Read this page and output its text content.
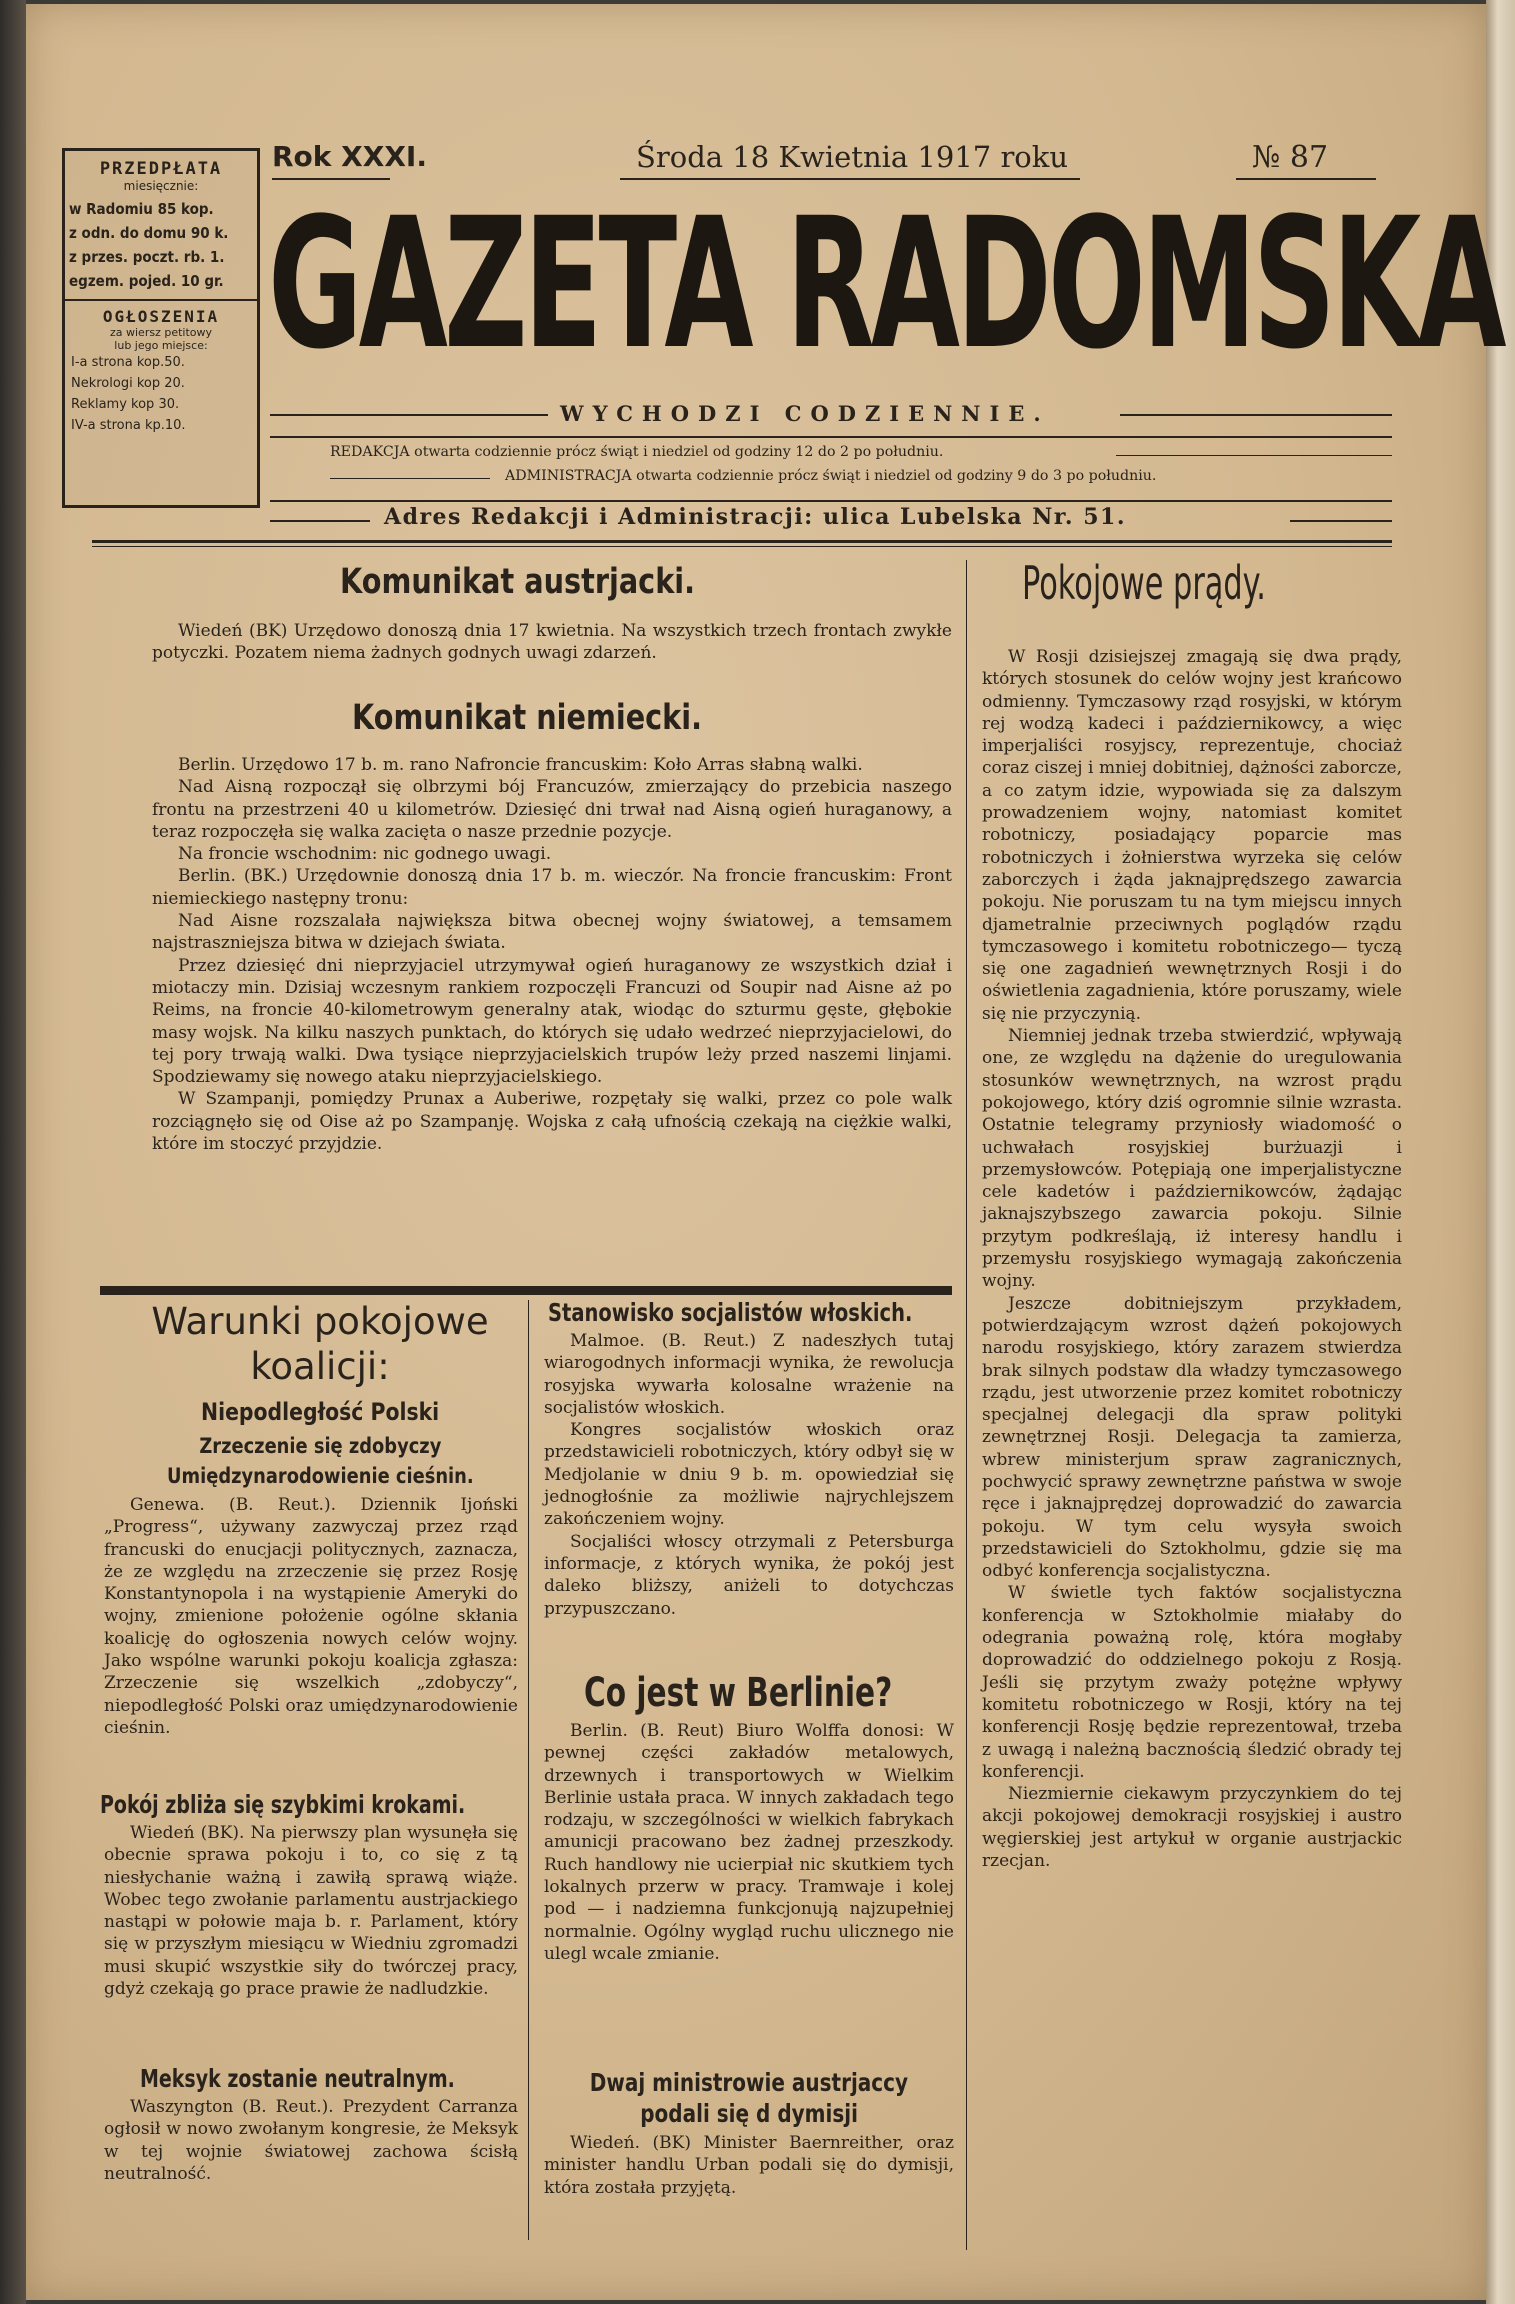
PRZEDPŁATA
miesięcznie:
w Radomiu 85 kop.
z odn. do domu 90 k.
z przes. poczt. rb. 1.
egzem. pojed. 10 gr.
OGŁOSZENIA
za wiersz petitowy
lub jego miejsce:
I-a strona kop.50.
Nekrologi kop 20.
Reklamy kop 30.
IV-a strona kp.10.
Rok XXXI.	Środa 18 Kwietnia 1917 roku	№ 87
GAZETA RADOMSKA
WYCHODZI CODZIENNIE.
REDAKCJA otwarta codziennie prócz świąt i niedziel od godziny 12 do 2 po południu.
ADMINISTRACJA otwarta codziennie prócz świąt i niedziel od godziny 9 do 3 po południu.
Adres Redakcji i Administracji: ulica Lubelska Nr. 51.
Komunikat austrjacki.

Wiedeń (BK) Urzędowo donoszą dnia 17 kwietnia. Na wszystkich trzech frontach zwykłe potyczki. Pozatem niema żadnych godnych uwagi zdarzeń.

Komunikat niemiecki.

Berlin. Urzędowo 17 b. m. rano Nafroncie francuskim: Koło Arras słabną walki.

Nad Aisną rozpoczął się olbrzymi bój Francuzów, zmierzający do przebicia naszego frontu na przestrzeni 40 u kilometrów. Dziesięć dni trwał nad Aisną ogień huraganowy, a teraz rozpoczęła się walka zacięta o nasze przednie pozycje.

Na froncie wschodnim: nic godnego uwagi.

Berlin. (BK.) Urzędownie donoszą dnia 17 b. m. wieczór. Na froncie francuskim: Front niemieckiego następny tronu:

Nad Aisne rozszalała największa bitwa obecnej wojny światowej, a temsamem najstraszniejsza bitwa w dziejach świata.

Przez dziesięć dni nieprzyjaciel utrzymywał ogień huraganowy ze wszystkich dział i miotaczy min. Dzisiaj wczesnym rankiem rozpoczęli Francuzi od Soupir nad Aisne aż po Reims, na froncie 40-kilometrowym generalny atak, wiodąc do szturmu gęste, głębokie masy wojsk. Na kilku naszych punktach, do których się udało wedrzeć nieprzyjacielowi, do tej pory trwają walki. Dwa tysiące nieprzyjacielskich trupów leży przed naszemi linjami. Spodziewamy się nowego ataku nieprzyjacielskiego.

W Szampanji, pomiędzy Prunax a Auberiwe, rozpętały się walki, przez co pole walk rozciągnęło się od Oise aż po Szampanję. Wojska z całą ufnością czekają na ciężkie walki, które im stoczyć przyjdzie.

Pokojowe prądy.

W Rosji dzisiejszej zmagają się dwa prądy, których stosunek do celów wojny jest krańcowo odmienny. Tymczasowy rząd rosyjski, w którym rej wodzą kadeci i październikowcy, a więc imperjaliści rosyjscy, reprezentuje, chociaż coraz ciszej i mniej dobitniej, dążności zaborcze, a co zatym idzie, wypowiada się za dalszym prowadzeniem wojny, natomiast komitet robotniczy, posiadający poparcie mas robotniczych i żołnierstwa wyrzeka się celów zaborczych i żąda jaknajprędszego zawarcia pokoju. Nie poruszam tu na tym miejscu innych djametralnie przeciwnych poglądów rządu tymczasowego i komitetu robotniczego— tyczą się one zagadnień wewnętrznych Rosji i do oświetlenia zagadnienia, które poruszamy, wiele się nie przyczynią.

Niemniej jednak trzeba stwierdzić, wpływają one, ze względu na dążenie do uregulowania stosunków wewnętrznych, na wzrost prądu pokojowego, który dziś ogromnie silnie wzrasta. Ostatnie telegramy przyniosły wiadomość o uchwałach rosyjskiej burżuazji i przemysłowców. Potępiają one imperjalistyczne cele kadetów i październikowców, żądając jaknajszybszego zawarcia pokoju. Silnie przytym podkreślają, iż interesy handlu i przemysłu rosyjskiego wymagają zakończenia wojny.

Jeszcze dobitniejszym przykładem, potwierdzającym wzrost dążeń pokojowych narodu rosyjskiego, który zarazem stwierdza brak silnych podstaw dla władzy tymczasowego rządu, jest utworzenie przez komitet robotniczy specjalnej delegacji dla spraw polityki zewnętrznej Rosji. Delegacja ta zamierza, wbrew ministerjum spraw zagranicznych, pochwycić sprawy zewnętrzne państwa w swoje ręce i jaknajprędzej doprowadzić do zawarcia pokoju. W tym celu wysyła swoich przedstawicieli do Sztokholmu, gdzie się ma odbyć konferencja socjalistyczna.

W świetle tych faktów socjalistyczna konferencja w Sztokholmie miałaby do odegrania poważną rolę, która mogłaby doprowadzić do oddzielnego pokoju z Rosją. Jeśli się przytym zważy potężne wpływy komitetu robotniczego w Rosji, który na tej konferencji Rosję będzie reprezentował, trzeba z uwagą i należną bacznością śledzić obrady tej konferencji.

Niezmiernie ciekawym przyczynkiem do tej akcji pokojowej demokracji rosyjskiej i austro węgierskiej jest artykuł w organie austrjackic rzecjan.

Warunki pokojowe
koalicji:
Niepodległość Polski
Zrzeczenie się zdobyczy
Umiędzynarodowienie cieśnin.

Genewa. (B. Reut.). Dziennik Ijoński „Progress“, używany zazwyczaj przez rząd francuski do enucjacji politycznych, zaznacza, że ze względu na zrzeczenie się przez Rosję Konstantynopola i na wystąpienie Ameryki do wojny, zmienione położenie ogólne skłania koalicję do ogłoszenia nowych celów wojny. Jako wspólne warunki pokoju koalicja zgłasza: Zrzeczenie się wszelkich „zdobyczy“, niepodległość Polski oraz umiędzynarodowienie cieśnin.

Pokój zbliża się szybkimi krokami.

Wiedeń (BK). Na pierwszy plan wysunęła się obecnie sprawa pokoju i to, co się z tą niesłychanie ważną i zawiłą sprawą wiąże. Wobec tego zwołanie parlamentu austrjackiego nastąpi w połowie maja b. r. Parlament, który się w przyszłym miesiącu w Wiedniu zgromadzi musi skupić wszystkie siły do twórczej pracy, gdyż czekają go prace prawie że nadludzkie.

Meksyk zostanie neutralnym.

Waszyngton (B. Reut.). Prezydent Carranza ogłosił w nowo zwołanym kongresie, że Meksyk w tej wojnie światowej zachowa ścisłą neutralność.

Stanowisko socjalistów włoskich.

Malmoe. (B. Reut.) Z nadeszłych tutaj wiarogodnych informacji wynika, że rewolucja rosyjska wywarła kolosalne wrażenie na socjalistów włoskich.

Kongres socjalistów włoskich oraz przedstawicieli robotniczych, który odbył się w Medjolanie w dniu 9 b. m. opowiedział się jednogłośnie za możliwie najrychlejszem zakończeniem wojny.

Socjaliści włoscy otrzymali z Petersburga informacje, z których wynika, że pokój jest daleko bliższy, aniżeli to dotychczas przypuszczano.

Co jest w Berlinie?

Berlin. (B. Reut) Biuro Wolffa donosi: W pewnej części zakładów metalowych, drzewnych i transportowych w Wielkim Berlinie ustała praca. W innych zakładach tego rodzaju, w szczególności w wielkich fabrykach amunicji pracowano bez żadnej przeszkody. Ruch handlowy nie ucierpiał nic skutkiem tych lokalnych przerw w pracy. Tramwaje i kolej pod — i nadziemna funkcjonują najzupełniej normalnie. Ogólny wygląd ruchu ulicznego nie ulegl wcale zmianie.

Dwaj ministrowie austrjaccy
podali się d dymisji

Wiedeń. (BK) Minister Baernreither, oraz minister handlu Urban podali się do dymisji, która została przyjętą.
